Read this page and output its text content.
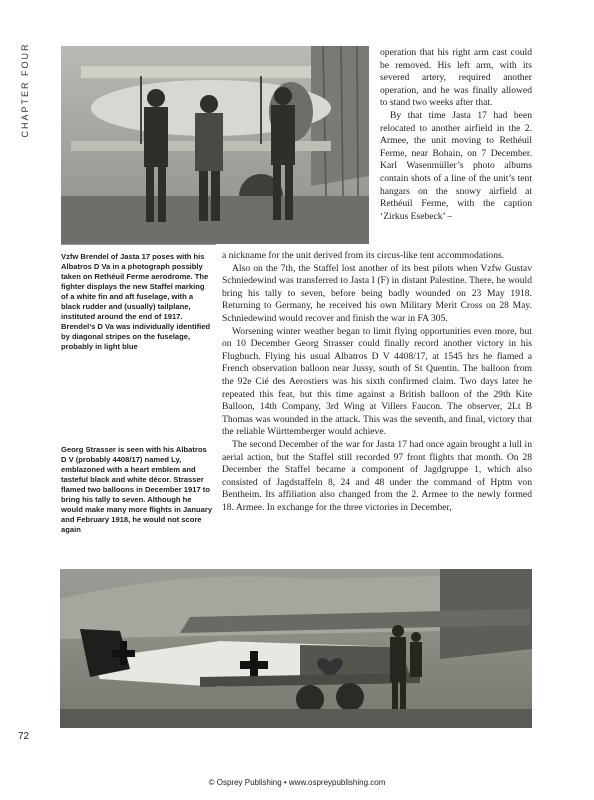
CHAPTER FOUR	operation that his right arm cast could be removed. His left arm, with its severed artery, required another operation, and he was finally allowed to stand two weeks after that.

By that time Jasta 17 had been relocated to another airfield in the 2. Armee, the unit moving to Rethéuil Ferme, near Bohain, on 7 December. Karl Wasenmüller’s photo albums contain shots of a line of the unit’s tent hangars on the snowy airfield at Rethéuil Ferme, with the caption ‘Zirkus Esebeck’ –

Vzfw Brendel of Jasta 17 poses with his Albatros D Va in a photograph possibly taken on Rethéuil Ferme aerodrome. The fighter displays the new Staffel marking of a white fin and aft fuselage, with a black rudder and (usually) tailplane, instituted around the end of 1917. Brendel’s D Va was individually identified by diagonal stripes on the fuselage, probably in light blue
Georg Strasser is seen with his Albatros D V (probably 4408/17) named Ly, emblazoned with a heart emblem and tasteful black and white décor. Strasser flamed two balloons in December 1917 to bring his tally to seven. Although he would make many more flights in January and February 1918, he would not score again

a nickname for the unit derived from its circus-like tent accommodations.

Also on the 7th, the Staffel lost another of its best pilots when Vzfw Gustav Schniedewind was transferred to Jasta I (F) in distant Palestine. There, he would bring his tally to seven, before being badly wounded on 23 May 1918. Returning to Germany, he received his own Military Merit Cross on 28 May. Schniedewind would recover and finish the war in FA 305.

Worsening winter weather began to limit flying opportunities even more, but on 10 December Georg Strasser could finally record another victory in his Flugbuch. Flying his usual Albatros D V 4408/17, at 1545 hrs he flamed a French observation balloon near Jussy, south of St Quentin. The balloon from the 92e Cié des Aerostiers was his sixth confirmed claim. Two days later he repeated this feat, but this time against a British balloon of the 29th Kite Balloon, 14th Company, 3rd Wing at Villers Faucon. The observer, 2Lt B Thomas was wounded in the attack. This was the seventh, and final, victory that the reliable Württemberger would achieve.

The second December of the war for Jasta 17 had once again brought a lull in aerial action, but the Staffel still recorded 97 front flights that month. On 28 December the Staffel became a component of Jagdgruppe 1, which also consisted of Jagdstaffeln 8, 24 and 48 under the command of Hptm von Bentheim. Its affiliation also changed from the 2. Armee to the newly formed 18. Armee. In exchange for the three victories in December,

72
© Osprey Publishing • www.ospreypublishing.com
